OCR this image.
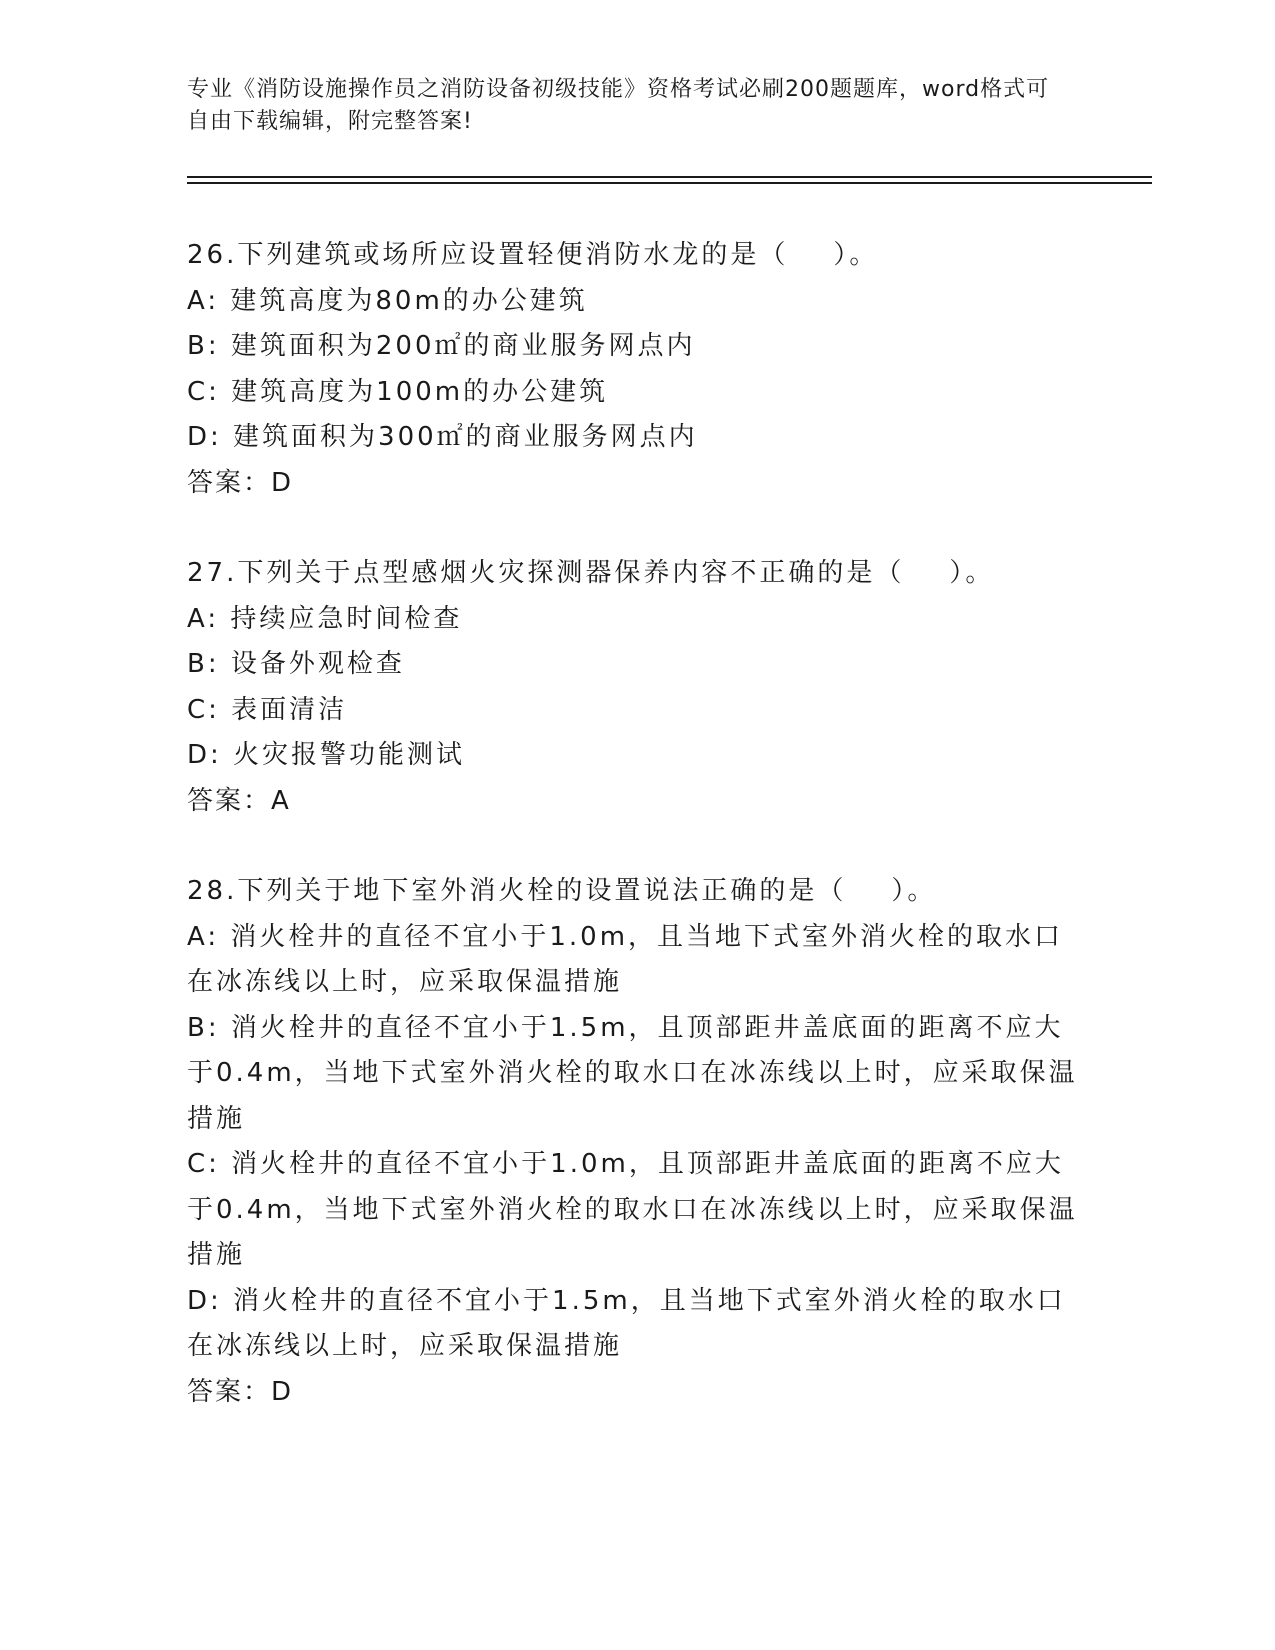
专业《消防设施操作员之消防设备初级技能》资格考试必刷200题题库，word格式可自由下载编辑，附完整答案!
26.下列建筑或场所应设置轻便消防水龙的是（    ）。
A: 建筑高度为80m的办公建筑
B: 建筑面积为200㎡的商业服务网点内
C: 建筑高度为100m的办公建筑
D: 建筑面积为300㎡的商业服务网点内
答案：D
27.下列关于点型感烟火灾探测器保养内容不正确的是（    ）。
A: 持续应急时间检查
B: 设备外观检查
C: 表面清洁
D: 火灾报警功能测试
答案：A
28.下列关于地下室外消火栓的设置说法正确的是（    ）。
A: 消火栓井的直径不宜小于1.0m，且当地下式室外消火栓的取水口在冰冻线以上时，应采取保温措施
B: 消火栓井的直径不宜小于1.5m，且顶部距井盖底面的距离不应大于0.4m，当地下式室外消火栓的取水口在冰冻线以上时，应采取保温措施
C: 消火栓井的直径不宜小于1.0m，且顶部距井盖底面的距离不应大于0.4m，当地下式室外消火栓的取水口在冰冻线以上时，应采取保温措施
D: 消火栓井的直径不宜小于1.5m，且当地下式室外消火栓的取水口在冰冻线以上时，应采取保温措施
答案：D
